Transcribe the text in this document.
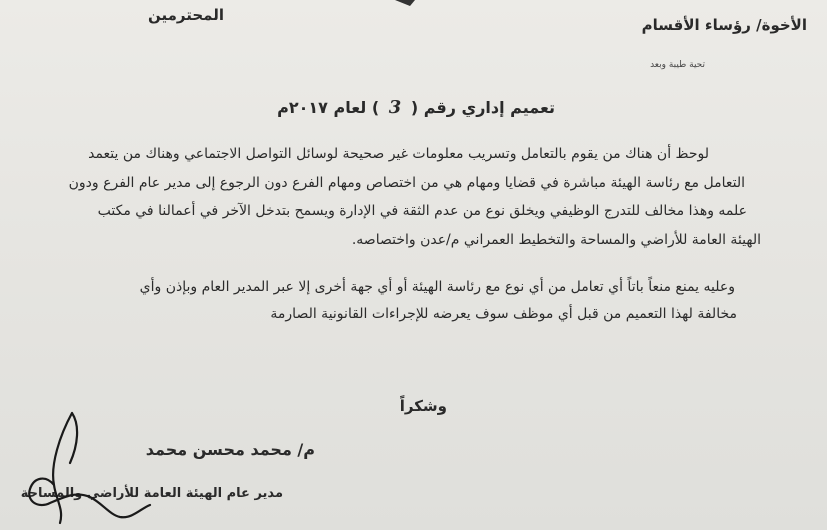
المحترمين
الأخوة/ رؤساء الأقسام
تحية طيبة وبعد
تعميم إداري رقم ( 3 ) لعام ٢٠١٧م
لوحظ أن هناك من يقوم بالتعامل وتسريب معلومات غير صحيحة لوسائل التواصل الاجتماعي وهناك من يتعمد
التعامل مع رئاسة الهيئة مباشرة في قضايا ومهام هي من اختصاص ومهام الفرع دون الرجوع إلى مدير عام الفرع ودون
علمه وهذا مخالف للتدرج الوظيفي ويخلق نوع من عدم الثقة في الإدارة ويسمح بتدخل الآخر في أعمالنا في مكتب
الهيئة العامة للأراضي والمساحة والتخطيط العمراني م/عدن واختصاصه.
وعليه يمنع منعاً باتاً أي تعامل من أي نوع مع رئاسة الهيئة أو أي جهة أخرى إلا عبر المدير العام وبإذن وأي
مخالفة لهذا التعميم من قبل أي موظف سوف يعرضه للإجراءات القانونية الصارمة
وشكراً
م/ محمد محسن محمد
مدير عام الهيئة العامة للأراضي والمساحة
